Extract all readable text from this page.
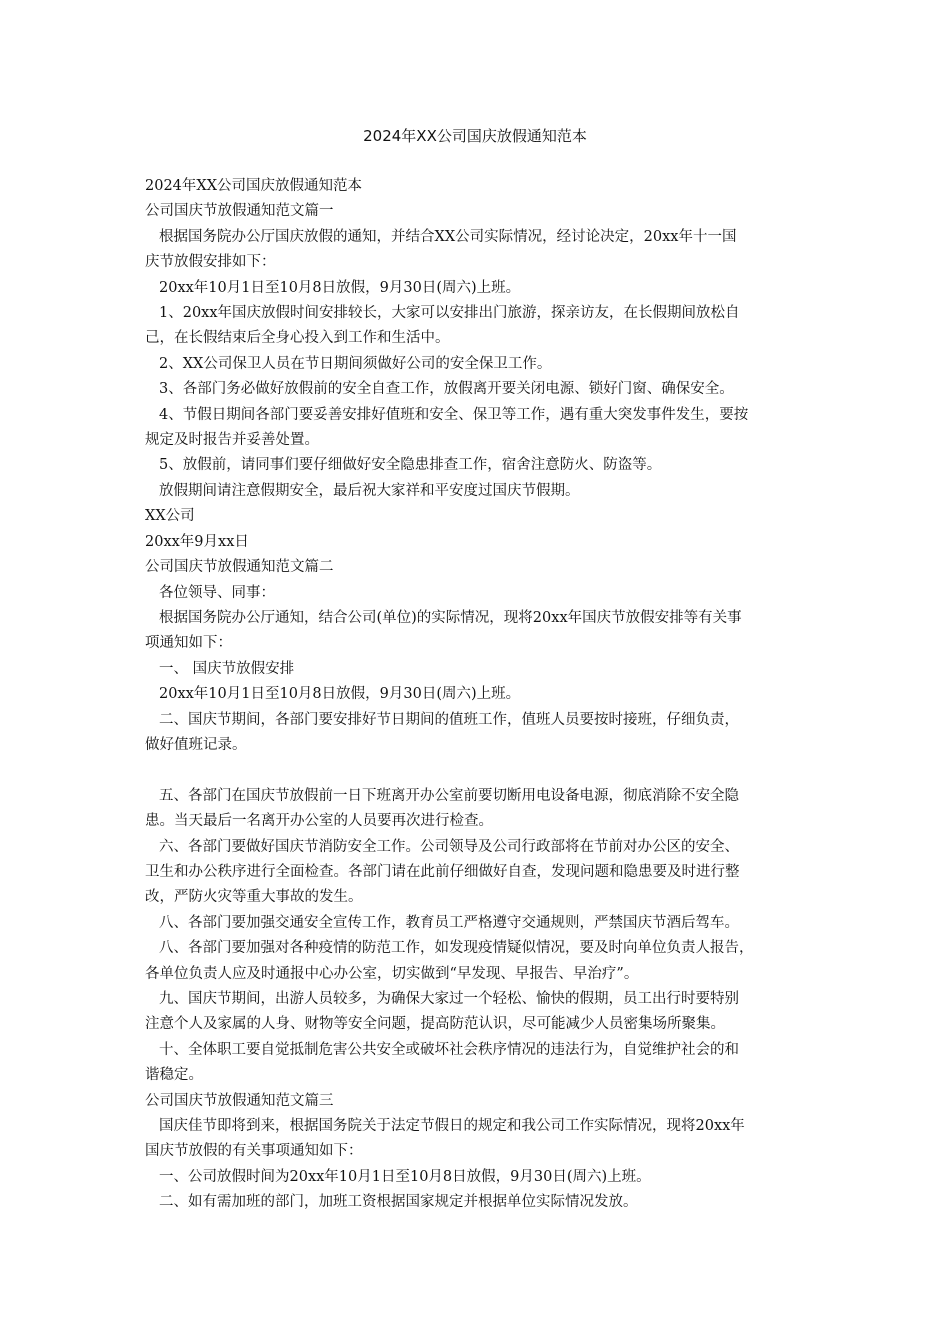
2024年XX公司国庆放假通知范本
2024年XX公司国庆放假通知范本
公司国庆节放假通知范文篇一
根据国务院办公厅国庆放假的通知，并结合XX公司实际情况，经讨论决定，20xx年十一国
庆节放假安排如下：
20xx年10月1日至10月8日放假，9月30日(周六)上班。
1、20xx年国庆放假时间安排较长，大家可以安排出门旅游，探亲访友，在长假期间放松自
己，在长假结束后全身心投入到工作和生活中。
2、XX公司保卫人员在节日期间须做好公司的安全保卫工作。
3、各部门务必做好放假前的安全自查工作，放假离开要关闭电源、锁好门窗、确保安全。
4、节假日期间各部门要妥善安排好值班和安全、保卫等工作，遇有重大突发事件发生，要按
规定及时报告并妥善处置。
5、放假前，请同事们要仔细做好安全隐患排查工作，宿舍注意防火、防盗等。
放假期间请注意假期安全，最后祝大家祥和平安度过国庆节假期。
XX公司
20xx年9月xx日
公司国庆节放假通知范文篇二
各位领导、同事：
根据国务院办公厅通知，结合公司(单位)的实际情况，现将20xx年国庆节放假安排等有关事
项通知如下：
一、 国庆节放假安排
20xx年10月1日至10月8日放假，9月30日(周六)上班。
二、国庆节期间，各部门要安排好节日期间的值班工作，值班人员要按时接班，仔细负责，
做好值班记录。
五、各部门在国庆节放假前一日下班离开办公室前要切断用电设备电源，彻底消除不安全隐
患。当天最后一名离开办公室的人员要再次进行检查。
六、各部门要做好国庆节消防安全工作。公司领导及公司行政部将在节前对办公区的安全、
卫生和办公秩序进行全面检查。各部门请在此前仔细做好自查，发现问题和隐患要及时进行整
改，严防火灾等重大事故的发生。
八、各部门要加强交通安全宣传工作，教育员工严格遵守交通规则，严禁国庆节酒后驾车。
八、各部门要加强对各种疫情的防范工作，如发现疫情疑似情况，要及时向单位负责人报告，
各单位负责人应及时通报中心办公室，切实做到“早发现、早报告、早治疗”。
九、国庆节期间，出游人员较多，为确保大家过一个轻松、愉快的假期，员工出行时要特别
注意个人及家属的人身、财物等安全问题，提高防范认识，尽可能减少人员密集场所聚集。
十、全体职工要自觉抵制危害公共安全或破坏社会秩序情况的违法行为，自觉维护社会的和
谐稳定。
公司国庆节放假通知范文篇三
国庆佳节即将到来，根据国务院关于法定节假日的规定和我公司工作实际情况，现将20xx年
国庆节放假的有关事项通知如下：
一、公司放假时间为20xx年10月1日至10月8日放假，9月30日(周六)上班。
二、如有需加班的部门，加班工资根据国家规定并根据单位实际情况发放。
